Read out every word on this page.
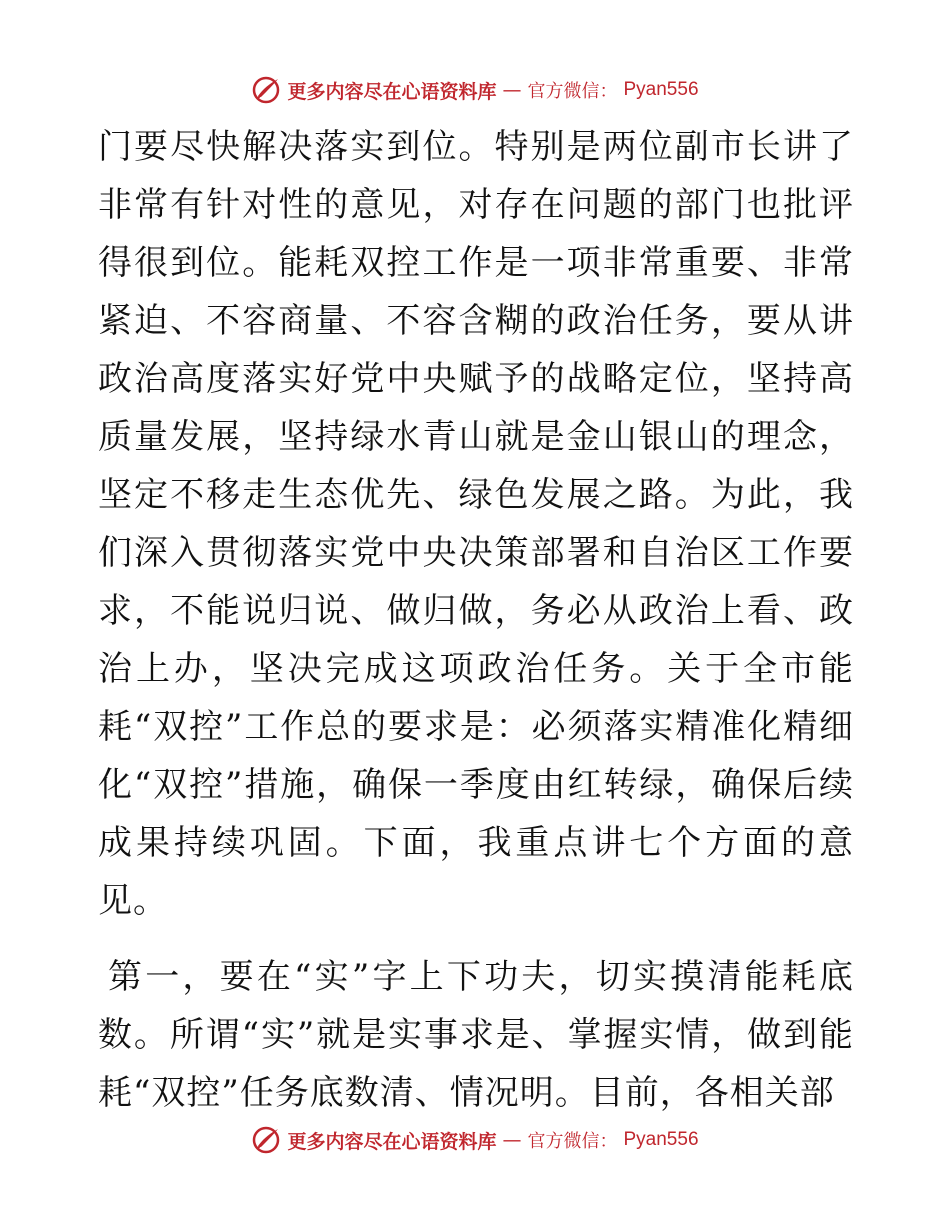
更多内容尽在心语资料库 — 官方微信： Pyan556

门要尽快解决落实到位。特别是两位副市长讲了非常有针对性的意见，对存在问题的部门也批评得很到位。能耗双控工作是一项非常重要、非常紧迫、不容商量、不容含糊的政治任务，要从讲政治高度落实好党中央赋予的战略定位，坚持高质量发展，坚持绿水青山就是金山银山的理念，坚定不移走生态优先、绿色发展之路。为此，我们深入贯彻落实党中央决策部署和自治区工作要求，不能说归说、做归做，务必从政治上看、政治上办，坚决完成这项政治任务。关于全市能耗“双控”工作总的要求是：必须落实精准化精细化“双控”措施，确保一季度由红转绿，确保后续成果持续巩固。下面，我重点讲七个方面的意见。

第一，要在“实”字上下功夫，切实摸清能耗底数。所谓“实”就是实事求是、掌握实情，做到能耗“双控”任务底数清、情况明。目前，各相关部

更多内容尽在心语资料库 — 官方微信： Pyan556
